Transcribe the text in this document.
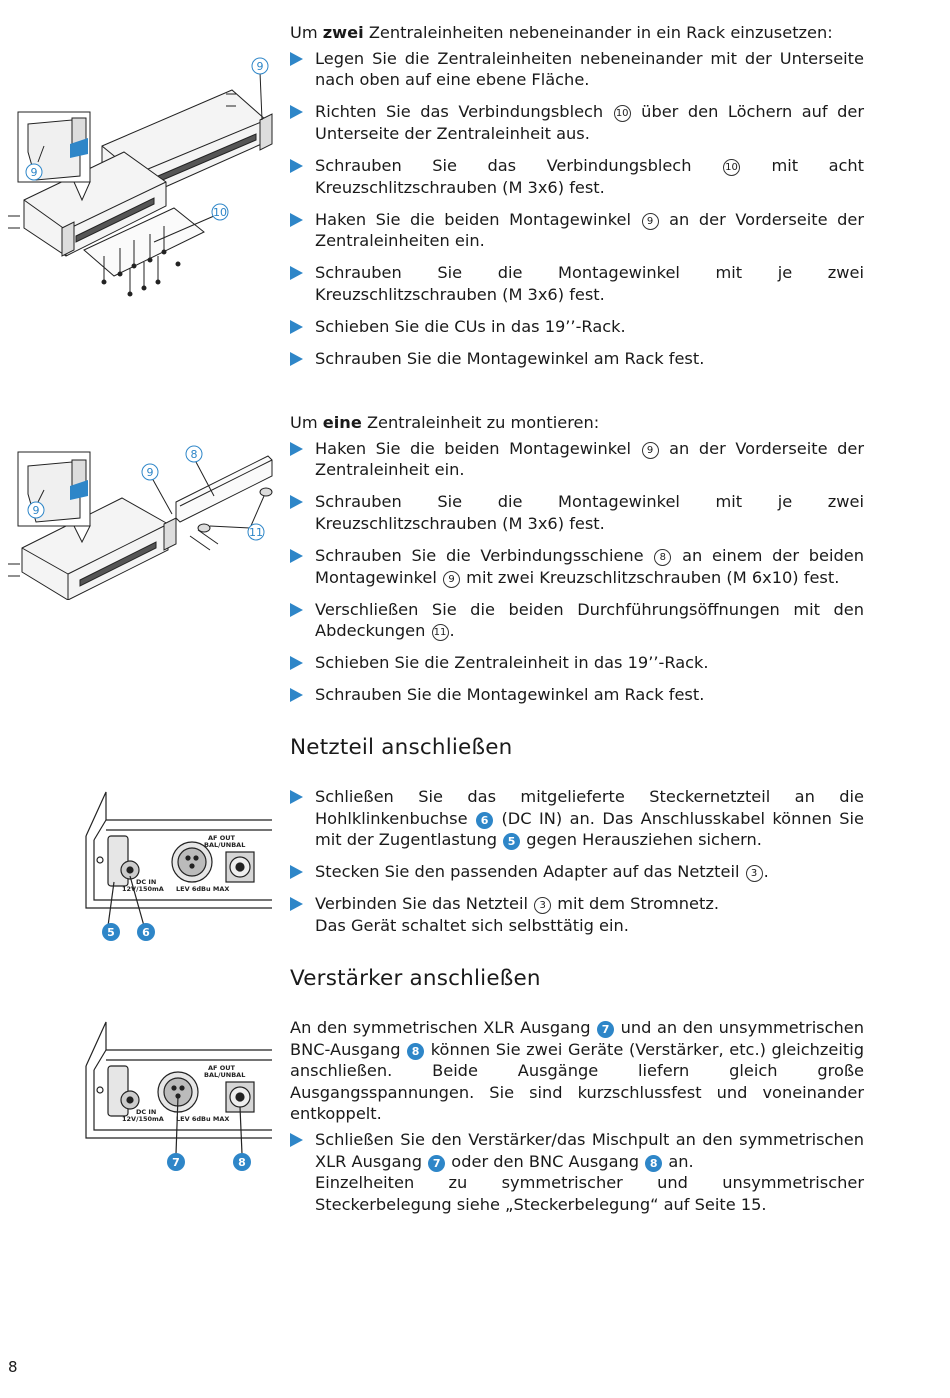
9
9
10

Um zwei Zentraleinheiten nebeneinander in ein Rack einzusetzen:

Legen Sie die Zentraleinheiten nebeneinander mit der Unterseite nach oben auf eine ebene Fläche.
Richten Sie das Verbindungsblech 10 über den Löchern auf der Unterseite der Zentraleinheit aus.
Schrauben Sie das Verbindungsblech 10 mit acht Kreuzschlitzschrauben (M 3x6) fest.
Haken Sie die beiden Montagewinkel 9 an der Vorderseite der Zentraleinheiten ein.
Schrauben Sie die Montagewinkel mit je zwei Kreuzschlitzschrauben (M 3x6) fest.
Schieben Sie die CUs in das 19’’-Rack.
Schrauben Sie die Montagewinkel am Rack fest.
9
9
8
11

Um eine Zentraleinheit zu montieren:

Haken Sie die beiden Montagewinkel 9 an der Vorderseite der Zentraleinheit ein.
Schrauben Sie die Montagewinkel mit je zwei Kreuzschlitzschrauben (M 3x6) fest.
Schrauben Sie die Verbindungsschiene 8 an einem der beiden Montagewinkel 9 mit zwei Kreuzschlitzschrauben (M 6x10) fest.
Verschließen Sie die beiden Durchführungsöffnungen mit den Abdeckungen 11 .
Schieben Sie die Zentraleinheit in das 19’’-Rack.
Schrauben Sie die Montagewinkel am Rack fest.
Netzteil anschließen
AF OUT
BAL/UNBAL
DC IN
12V/150mA LEV 6dBu MAX
5 6
Schließen Sie das mitgelieferte Steckernetzteil an die Hohlklinkenbuchse 6 (DC IN) an. Das Anschlusskabel können Sie mit der Zugentlastung 5 gegen Herausziehen sichern.
Stecken Sie den passenden Adapter auf das Netzteil 3 .
Verbinden Sie das Netzteil 3 mit dem Stromnetz.
Das Gerät schaltet sich selbsttätig ein.
Verstärker anschließen
AF OUT
BAL/UNBAL
DC IN
12V/150mA LEV 6dBu MAX
7	8

An den symmetrischen XLR Ausgang 7 und an den unsymmetrischen BNC-Ausgang 8 können Sie zwei Geräte (Verstärker, etc.) gleichzeitig anschließen. Beide Ausgänge liefern gleich große Ausgangsspannungen. Sie sind kurzschlussfest und voneinander entkoppelt.

Schließen Sie den Verstärker/das Mischpult an den symmetrischen XLR Ausgang 7 oder den BNC Ausgang 8 an.
Einzelheiten zu symmetrischer und unsymmetrischer Steckerbelegung siehe „Steckerbelegung“ auf Seite 15.
8
